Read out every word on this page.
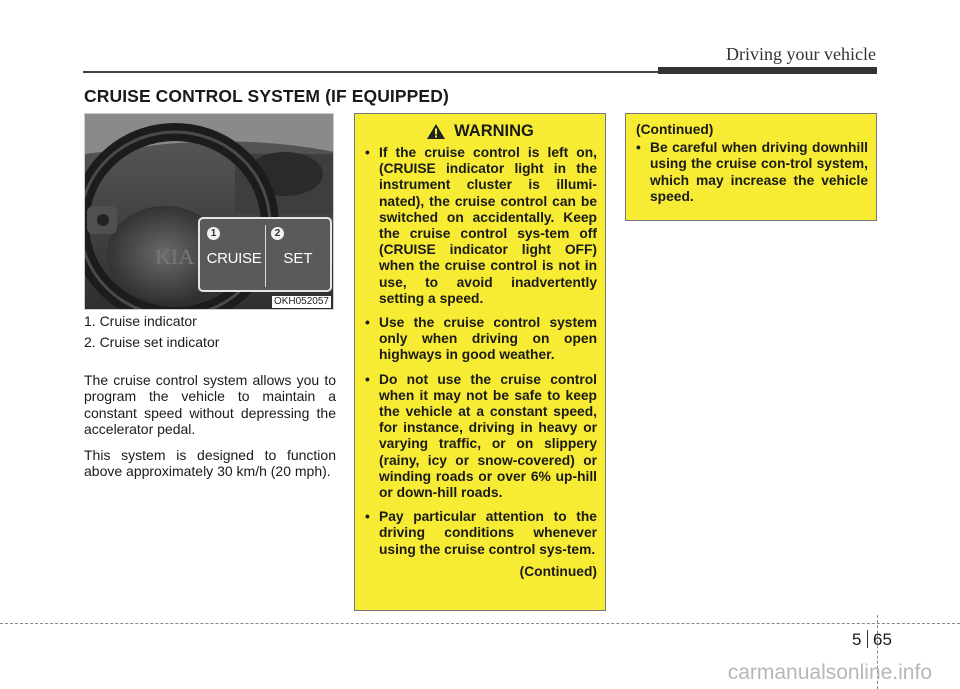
Driving your vehicle
CRUISE CONTROL SYSTEM (IF EQUIPPED)
KIA
1	2
CRUISE	SET
OKH052057
1. Cruise indicator
2. Cruise set indicator

The cruise control system allows you to program the vehicle to maintain a constant speed without depressing the accelerator pedal.

This system is designed to function above approximately 30 km/h (20 mph).

WARNING
• If the cruise control is left on, (CRUISE indicator light in the instrument cluster is illumi-nated), the cruise control can be switched on accidentally. Keep the cruise control sys-tem off (CRUISE indicator light OFF) when the cruise control is not in use, to avoid inadvertently setting a speed.
• Use the cruise control system only when driving on open highways in good weather.
• Do not use the cruise control when it may not be safe to keep the vehicle at a constant speed, for instance, driving in heavy or varying traffic, or on slippery (rainy, icy or snow-covered) or winding roads or over 6% up-hill or down-hill roads.
• Pay particular attention to the driving conditions whenever using the cruise control sys-tem.
(Continued)
(Continued)
• Be careful when driving downhill using the cruise con-trol system, which may increase the vehicle speed.
5 65
carmanualsonline.info
